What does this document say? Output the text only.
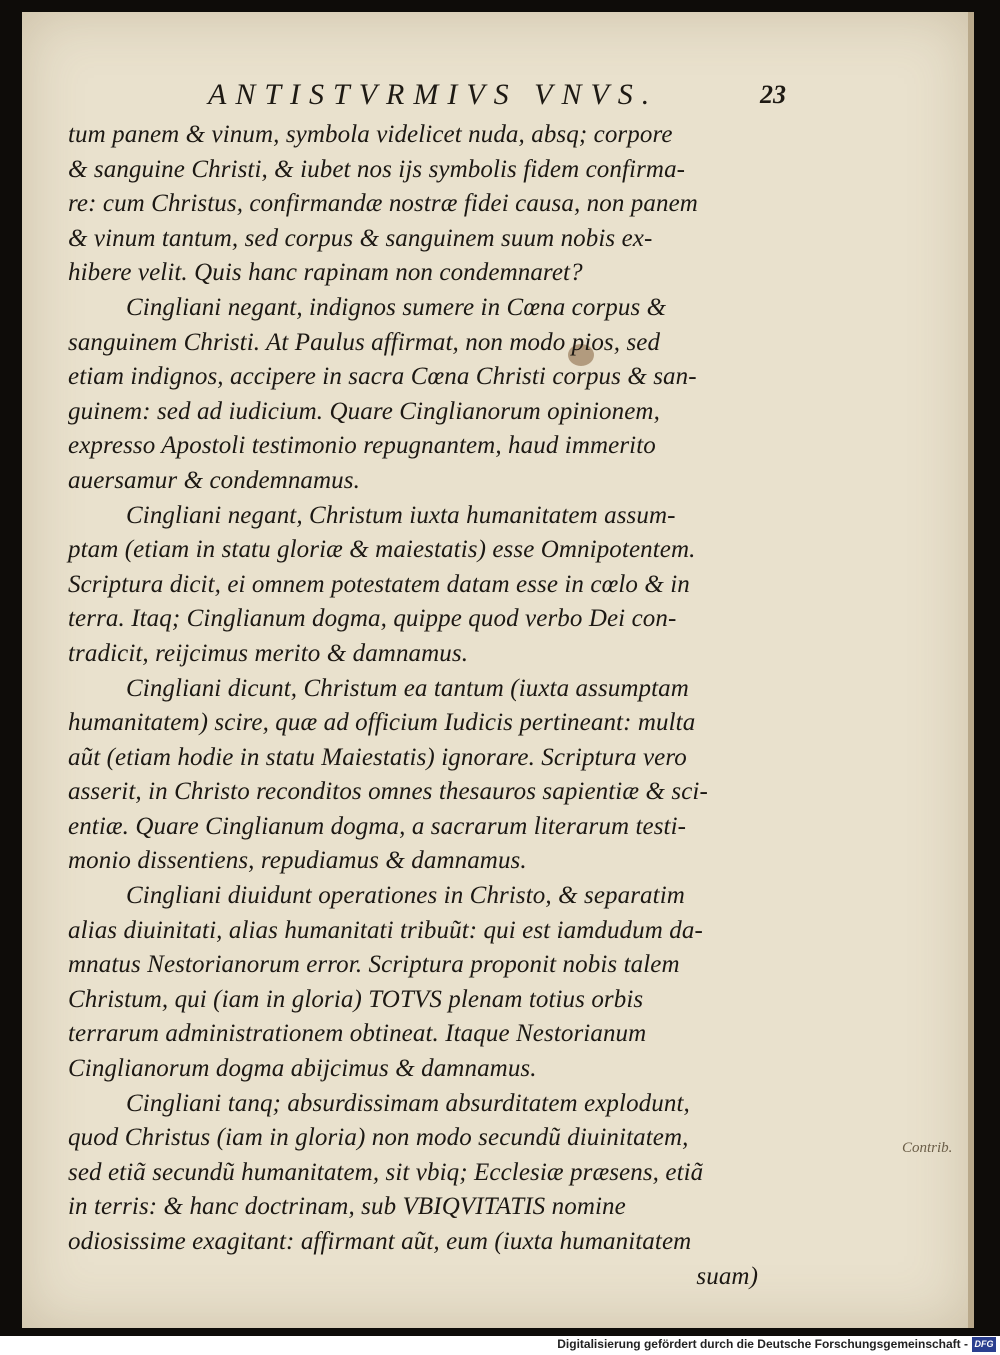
ANTISTVRMIVS VNVS.	23
tum panem & vinum, symbola videlicet nuda, absq; corpore
& sanguine Christi, & iubet nos ijs symbolis fidem confirma-
re: cum Christus, confirmandæ nostræ fidei causa, non panem
& vinum tantum, sed corpus & sanguinem suum nobis ex-
hibere velit. Quis hanc rapinam non condemnaret?
Cingliani negant, indignos sumere in Cœna corpus &
sanguinem Christi. At Paulus affirmat, non modo pios, sed
etiam indignos, accipere in sacra Cœna Christi corpus & san-
guinem: sed ad iudicium. Quare Cinglianorum opinionem,
expresso Apostoli testimonio repugnantem, haud immerito
auersamur & condemnamus.
Cingliani negant, Christum iuxta humanitatem assum-
ptam (etiam in statu gloriæ & maiestatis) esse Omnipotentem.
Scriptura dicit, ei omnem potestatem datam esse in cœlo & in
terra. Itaq; Cinglianum dogma, quippe quod verbo Dei con-
tradicit, reijcimus merito & damnamus.
Cingliani dicunt, Christum ea tantum (iuxta assumptam
humanitatem) scire, quæ ad officium Iudicis pertineant: multa
aũt (etiam hodie in statu Maiestatis) ignorare. Scriptura vero
asserit, in Christo reconditos omnes thesauros sapientiæ & sci-
entiæ. Quare Cinglianum dogma, a sacrarum literarum testi-
monio dissentiens, repudiamus & damnamus.
Cingliani diuidunt operationes in Christo, & separatim
alias diuinitati, alias humanitati tribuũt: qui est iamdudum da-
mnatus Nestorianorum error. Scriptura proponit nobis talem
Christum, qui (iam in gloria) TOTVS plenam totius orbis
terrarum administrationem obtineat. Itaque Nestorianum
Cinglianorum dogma abijcimus & damnamus.
Cingliani tanq; absurdissimam absurditatem explodunt,
quod Christus (iam in gloria) non modo secundũ diuinitatem,
sed etiã secundũ humanitatem, sit vbiq; Ecclesiæ præsens, etiã
in terris: & hanc doctrinam, sub VBIQVITATIS nomine
odiosissime exagitant: affirmant aũt, eum (iuxta humanitatem
suam)
Contrib.
Digitalisierung gefördert durch die Deutsche Forschungsgemeinschaft - DFG
